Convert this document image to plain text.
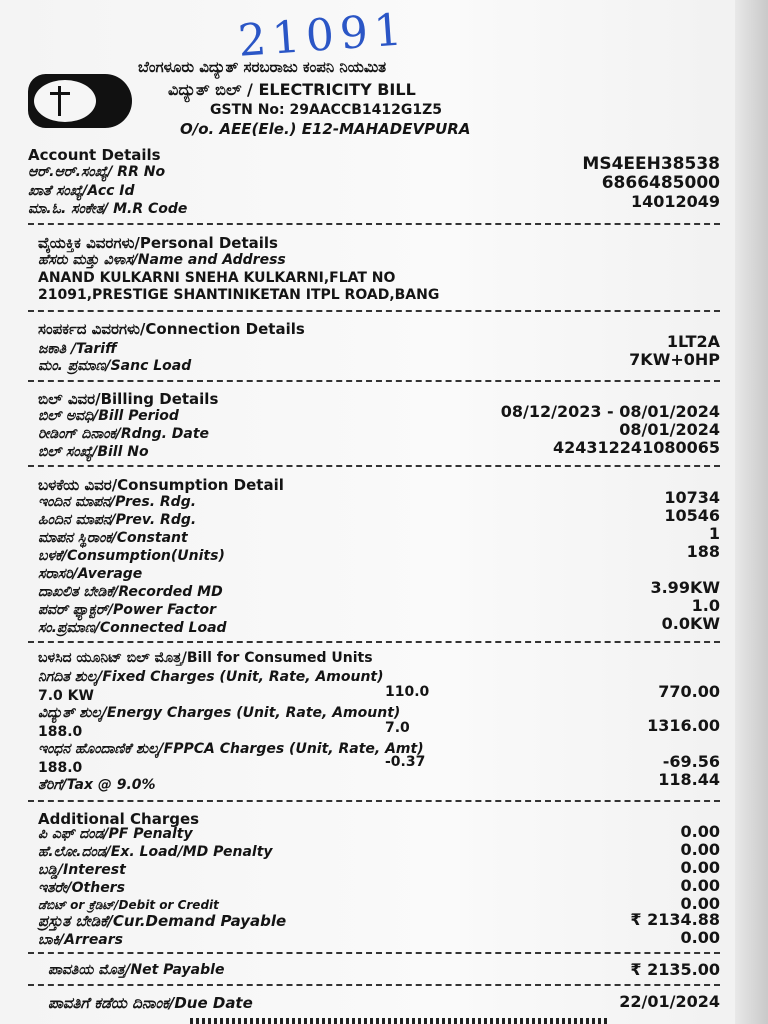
21091
ಬೆಂಗಳೂರು ವಿದ್ಯುತ್ ಸರಬರಾಜು ಕಂಪನಿ ನಿಯಮಿತ
ವಿದ್ಯುತ್ ಬಿಲ್ / ELECTRICITY BILL
GSTN No: 29AACCB1412G1Z5
O/o. AEE(Ele.) E12-MAHADEVPURA
Account Details
ಆರ್.ಆರ್.ಸಂಖ್ಯೆ/ RR No	MS4EEH38538
ಖಾತೆ ಸಂಖ್ಯೆ/Acc Id	6866485000
ಮಾ.ಓ. ಸಂಕೇತ/ M.R Code	14012049
ವೈಯಕ್ತಿಕ ವಿವರಗಳು/Personal Details
ಹೆಸರು ಮತ್ತು ವಿಳಾಸ/Name and Address
ANAND KULKARNI SNEHA KULKARNI,FLAT NO
21091,PRESTIGE SHANTINIKETAN ITPL ROAD,BANG
ಸಂಪರ್ಕದ ವಿವರಗಳು/Connection Details
ಜಕಾತಿ /Tariff	1LT2A
ಮಂ. ಪ್ರಮಾಣ/Sanc Load	7KW+0HP
ಬಿಲ್ ವಿವರ/Billing Details
ಬಿಲ್ ಅವಧಿ/Bill Period	08/12/2023 - 08/01/2024
ರೀಡಿಂಗ್ ದಿನಾಂಕ/Rdng. Date	08/01/2024
ಬಿಲ್ ಸಂಖ್ಯೆ/Bill No	424312241080065
ಬಳಕೆಯ ವಿವರ/Consumption Detail
ಇಂದಿನ ಮಾಪನ/Pres. Rdg.	10734
ಹಿಂದಿನ ಮಾಪನ/Prev. Rdg.	10546
ಮಾಪನ ಸ್ಥಿರಾಂಕ/Constant	1
ಬಳಕೆ/Consumption(Units)	188
ಸರಾಸರಿ/Average
ದಾಖಲಿತ ಬೇಡಿಕೆ/Recorded MD	3.99KW
ಪವರ್ ಫ್ಯಾಕ್ಟರ್/Power Factor	1.0
ಸಂ.ಪ್ರಮಾಣ/Connected Load	0.0KW
ಬಳಸಿದ ಯೂನಿಟ್ ಬಿಲ್ ಮೊತ್ತ/Bill for Consumed Units
ನಿಗದಿತ ಶುಲ್ಕ/Fixed Charges (Unit, Rate, Amount)
7.0 KW	110.0	770.00
ವಿದ್ಯುತ್ ಶುಲ್ಕ/Energy Charges (Unit, Rate, Amount)
188.0	7.0	1316.00
ಇಂಧನ ಹೊಂದಾಣಿಕೆ ಶುಲ್ಕ/FPPCA Charges (Unit, Rate, Amt)
188.0	-0.37	-69.56
ತೆರಿಗೆ/Tax @ 9.0%	118.44
Additional Charges
ಪಿ ಎಫ್ ದಂಡ/PF Penalty	0.00
ಹೆ.ಲೋ.ದಂಡ/Ex. Load/MD Penalty	0.00
ಬಡ್ಡಿ/Interest	0.00
ಇತರೇ/Others	0.00
ಡೆಬಿಟ್ or ಕ್ರೆಡಿಟ್/Debit or Credit	0.00
ಪ್ರಸ್ತುತ ಬೇಡಿಕೆ/Cur.Demand Payable	₹ 2134.88
ಬಾಕಿ/Arrears	0.00
ಪಾವತಿಯ ಮೊತ್ತ/Net Payable	₹ 2135.00
ಪಾವತಿಗೆ ಕಡೆಯ ದಿನಾಂಕ/Due Date	22/01/2024
